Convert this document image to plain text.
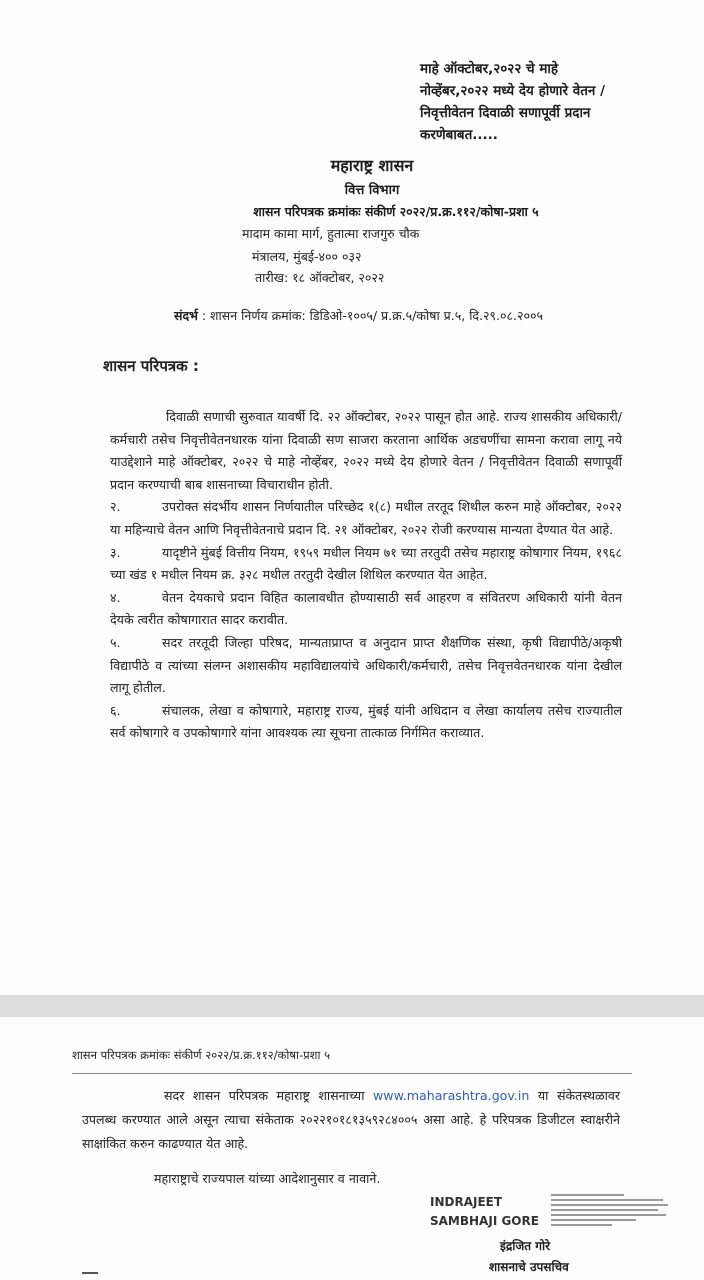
माहे ऑक्टोबर,२०२२ चे माहे
नोव्हेंबर,२०२२ मध्ये देय होणारे वेतन /
निवृत्तीवेतन दिवाळी सणापूर्वी प्रदान
करणेबाबत.....
महाराष्ट्र शासन
वित्त विभाग
शासन परिपत्रक क्रमांकः संकीर्ण २०२२/प्र.क्र.११२/कोषा-प्रशा ५
मादाम कामा मार्ग, हुतात्मा राजगुरु चौक
मंत्रालय, मुंबई-४०० ०३२
तारीख: १८ ऑक्टोबर, २०२२
संदर्भ : शासन निर्णय क्रमांक: डिडिओ-१००५/ प्र.क्र.५/कोषा प्र.५, दि.२९.०८.२००५
शासन परिपत्रक :

दिवाळी सणाची सुरुवात यावर्षी दि. २२ ऑक्टोबर, २०२२ पासून होत आहे. राज्य शासकीय अधिकारी/ कर्मचारी तसेच निवृत्तीवेतनधारक यांना दिवाळी सण साजरा करताना आर्थिक अडचणींचा सामना करावा लागू नये याउद्देशाने माहे ऑक्टोबर, २०२२ चे माहे नोव्हेंबर, २०२२ मध्ये देय होणारे वेतन / निवृत्तीवेतन दिवाळी सणापूर्वी प्रदान करण्याची बाब शासनाच्या विचाराधीन होती.

२.	उपरोक्त संदर्भीय शासन निर्णयातील परिच्छेद १(८) मधील तरतूद शिथील करुन माहे ऑक्टोबर, २०२२ या महिन्याचे वेतन आणि निवृत्तीवेतनाचे प्रदान दि. २१ ऑक्टोबर, २०२२ रोजी करण्यास मान्यता देण्यात येत आहे.

३.	यादृष्टीने मुंबई वित्तीय नियम, १९५९ मधील नियम ७१ च्या तरतुदी तसेच महाराष्ट्र कोषागार नियम, १९६८ च्या खंड १ मधील नियम क्र. ३२८ मधील तरतुदी देखील शिथिल करण्यात येत आहेत.

४.	वेतन देयकाचे प्रदान विहित कालावधीत होण्यासाठी सर्व आहरण व संवितरण अधिकारी यांनी वेतन देयके त्वरीत कोषागारात सादर करावीत.

५.	सदर तरतूदी जिल्हा परिषद, मान्यताप्राप्त व अनुदान प्राप्त शैक्षणिक संस्था, कृषी विद्यापीठे/अकृषी विद्यापीठे व त्यांच्या संलग्न अशासकीय महाविद्यालयांचे अधिकारी/कर्मचारी, तसेच निवृत्तवेतनधारक यांना देखील लागू होतील.

६.	संचालक, लेखा व कोषागारे, महाराष्ट्र राज्य, मुंबई यांनी अधिदान व लेखा कार्यालय तसेच राज्यातील सर्व कोषागारे व उपकोषागारे यांना आवश्यक त्या सूचना तात्काळ निर्गमित कराव्यात.

शासन परिपत्रक क्रमांकः संकीर्ण २०२२/प्र.क्र.११२/कोषा-प्रशा ५

सदर शासन परिपत्रक महाराष्ट्र शासनाच्या www.maharashtra.gov.in या संकेतस्थळावर उपलब्ध करण्यात आले असून त्याचा संकेताक २०२२१०१८१३५९२८४००५ असा आहे. हे परिपत्रक डिजीटल स्वाक्षरीने साक्षांकित करुन काढण्यात येत आहे.

महाराष्ट्राचे राज्यपाल यांच्या आदेशानुसार व नावाने.
INDRAJEET
SAMBHAJI GORE
इंद्रजित गोरे
शासनाचे उपसचिव
